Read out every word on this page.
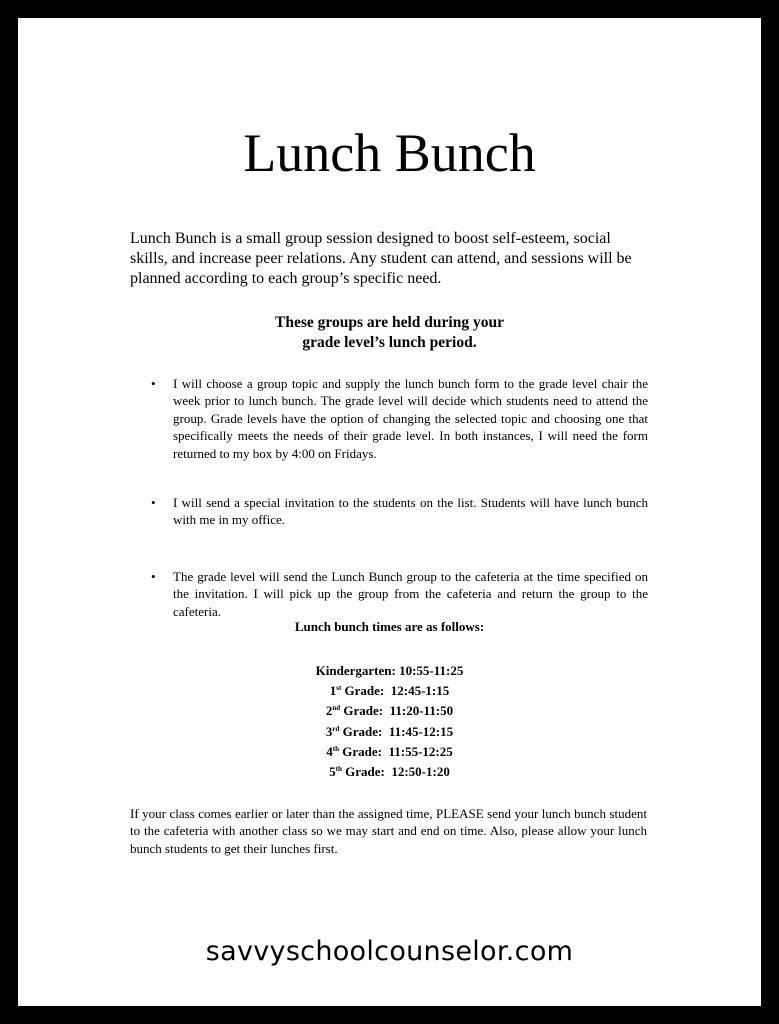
Lunch Bunch
Lunch Bunch is a small group session designed to boost self-esteem, social skills, and increase peer relations. Any student can attend, and sessions will be planned according to each group’s specific need.
These groups are held during your
grade level’s lunch period.
• I will choose a group topic and supply the lunch bunch form to the grade level chair the week prior to lunch bunch. The grade level will decide which students need to attend the group. Grade levels have the option of changing the selected topic and choosing one that specifically meets the needs of their grade level. In both instances, I will need the form returned to my box by 4:00 on Fridays.
• I will send a special invitation to the students on the list. Students will have lunch bunch with me in my office.
• The grade level will send the Lunch Bunch group to the cafeteria at the time specified on the invitation. I will pick up the group from the cafeteria and return the group to the cafeteria.
Lunch bunch times are as follows:
Kindergarten: 10:55-11:25
1st Grade: 12:45-1:15
2nd Grade: 11:20-11:50
3rd Grade: 11:45-12:15
4th Grade: 11:55-12:25
5th Grade: 12:50-1:20
If your class comes earlier or later than the assigned time, PLEASE send your lunch bunch student to the cafeteria with another class so we may start and end on time. Also, please allow your lunch bunch students to get their lunches first.
savvyschoolcounselor.com
